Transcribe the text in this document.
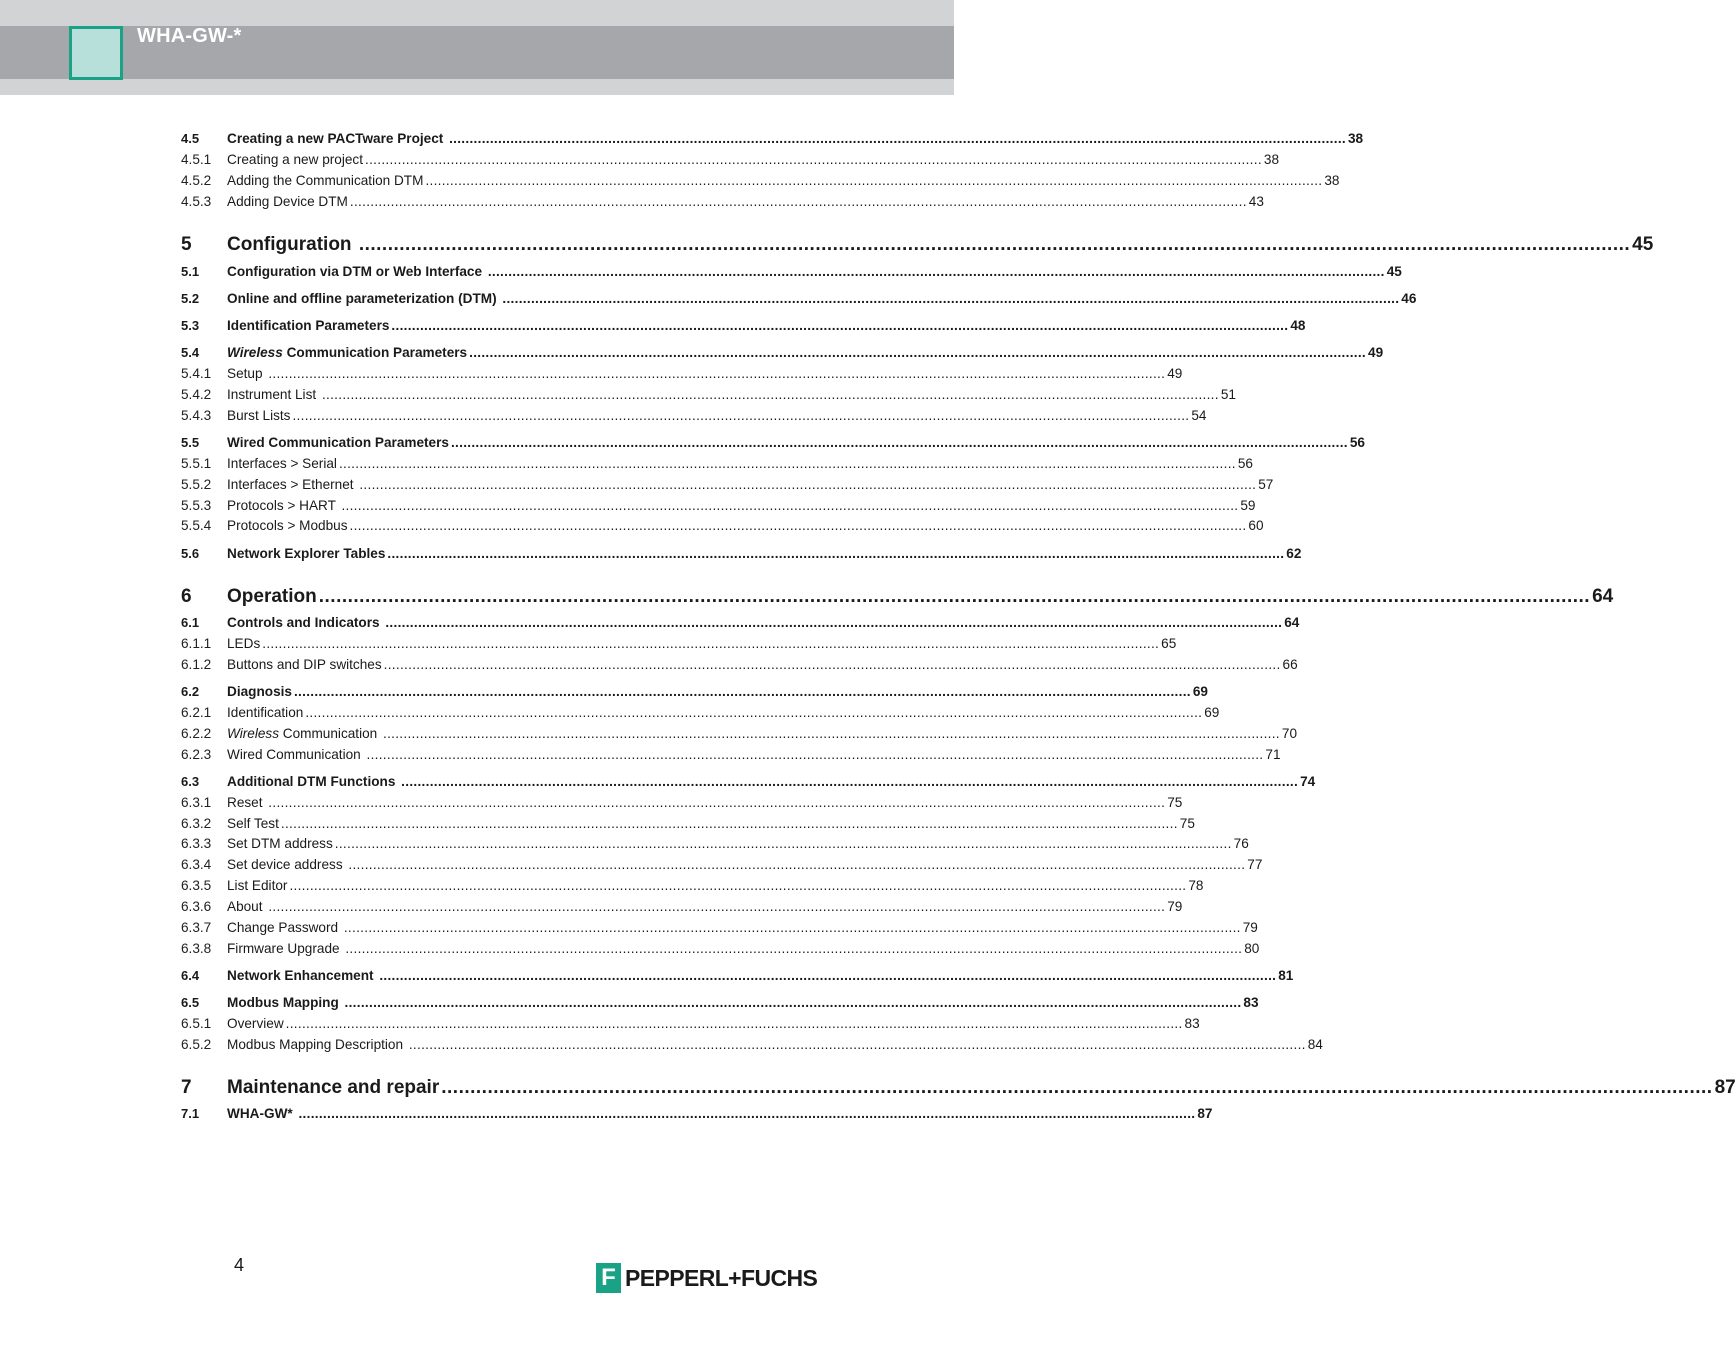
WHA-GW-*
4.5	Creating a new PACTware Project ............................................................................................................................................................................................................................ 38
4.5.1	Creating a new project ............................................................................................................................................................................................................................ 38
4.5.2	Adding the Communication DTM ............................................................................................................................................................................................................................ 38
4.5.3	Adding Device DTM ............................................................................................................................................................................................................................ 43
5	Configuration ............................................................................................................................................................................................................................ 45
5.1	Configuration via DTM or Web Interface ............................................................................................................................................................................................................................ 45
5.2	Online and offline parameterization (DTM) ............................................................................................................................................................................................................................ 46
5.3	Identification Parameters ............................................................................................................................................................................................................................ 48
5.4	Wireless Communication Parameters ............................................................................................................................................................................................................................ 49
5.4.1	Setup ............................................................................................................................................................................................................................ 49
5.4.2	Instrument List ............................................................................................................................................................................................................................ 51
5.4.3	Burst Lists ............................................................................................................................................................................................................................ 54
5.5	Wired Communication Parameters ............................................................................................................................................................................................................................ 56
5.5.1	Interfaces > Serial ............................................................................................................................................................................................................................ 56
5.5.2	Interfaces > Ethernet ............................................................................................................................................................................................................................ 57
5.5.3	Protocols > HART ............................................................................................................................................................................................................................ 59
5.5.4	Protocols > Modbus ............................................................................................................................................................................................................................ 60
5.6	Network Explorer Tables ............................................................................................................................................................................................................................ 62
6	Operation ............................................................................................................................................................................................................................ 64
6.1	Controls and Indicators ............................................................................................................................................................................................................................ 64
6.1.1	LEDs ............................................................................................................................................................................................................................ 65
6.1.2	Buttons and DIP switches ............................................................................................................................................................................................................................ 66
6.2	Diagnosis ............................................................................................................................................................................................................................ 69
6.2.1	Identification ............................................................................................................................................................................................................................ 69
6.2.2	Wireless Communication ............................................................................................................................................................................................................................ 70
6.2.3	Wired Communication ............................................................................................................................................................................................................................ 71
6.3	Additional DTM Functions ............................................................................................................................................................................................................................ 74
6.3.1	Reset ............................................................................................................................................................................................................................ 75
6.3.2	Self Test ............................................................................................................................................................................................................................ 75
6.3.3	Set DTM address ............................................................................................................................................................................................................................ 76
6.3.4	Set device address ............................................................................................................................................................................................................................ 77
6.3.5	List Editor ............................................................................................................................................................................................................................ 78
6.3.6	About ............................................................................................................................................................................................................................ 79
6.3.7	Change Password ............................................................................................................................................................................................................................ 79
6.3.8	Firmware Upgrade ............................................................................................................................................................................................................................ 80
6.4	Network Enhancement ............................................................................................................................................................................................................................ 81
6.5	Modbus Mapping ............................................................................................................................................................................................................................ 83
6.5.1	Overview ............................................................................................................................................................................................................................ 83
6.5.2	Modbus Mapping Description ............................................................................................................................................................................................................................ 84
7	Maintenance and repair ............................................................................................................................................................................................................................ 87
7.1	WHA-GW* ............................................................................................................................................................................................................................ 87
4	F PEPPERL+FUCHS
